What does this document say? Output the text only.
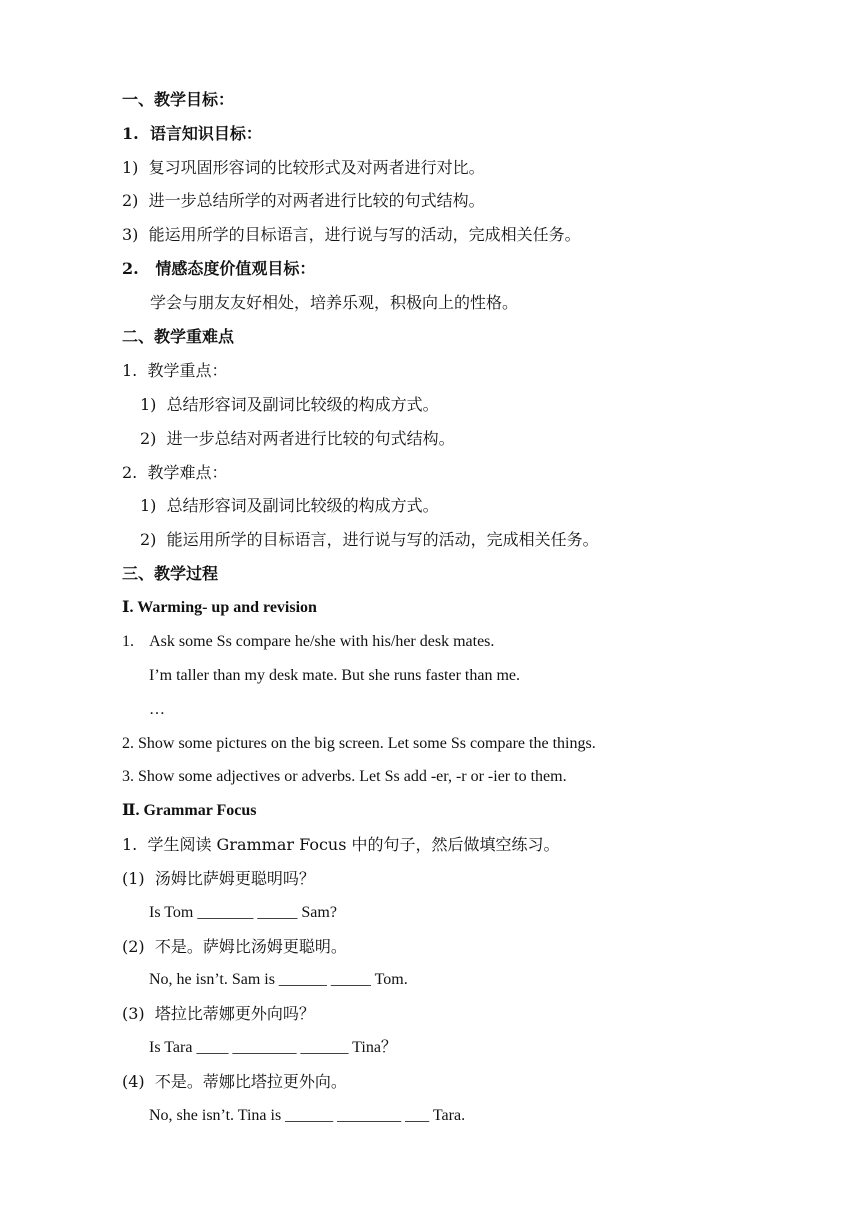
一、教学目标：
1.  语言知识目标：
1)  复习巩固形容词的比较形式及对两者进行对比。
2)  进一步总结所学的对两者进行比较的句式结构。
3)  能运用所学的目标语言，进行说与写的活动，完成相关任务。
2.   情感态度价值观目标：
学会与朋友友好相处，培养乐观，积极向上的性格。
二、教学重难点
1.  教学重点：
1)  总结形容词及副词比较级的构成方式。
2)  进一步总结对两者进行比较的句式结构。
2.  教学难点：
1)  总结形容词及副词比较级的构成方式。
2)  能运用所学的目标语言，进行说与写的活动，完成相关任务。
三、教学过程
Ⅰ. Warming- up and revision
1.    Ask some Ss compare he/she with his/her desk mates.
I’m taller than my desk mate. But she runs faster than me.
…
2. Show some pictures on the big screen. Let some Ss compare the things.
3. Show some adjectives or adverbs. Let Ss add -er, -r or -ier to them.
Ⅱ. Grammar Focus
1.  学生阅读 Grammar Focus 中的句子，然后做填空练习。
(1)  汤姆比萨姆更聪明吗？
Is Tom _______ _____ Sam?
(2)  不是。萨姆比汤姆更聪明。
No, he isn’t. Sam is ______ _____ Tom.
(3)  塔拉比蒂娜更外向吗？
Is Tara ____ ________ ______ Tina？
(4)  不是。蒂娜比塔拉更外向。
No, she isn’t. Tina is ______ ________ ___ Tara.
